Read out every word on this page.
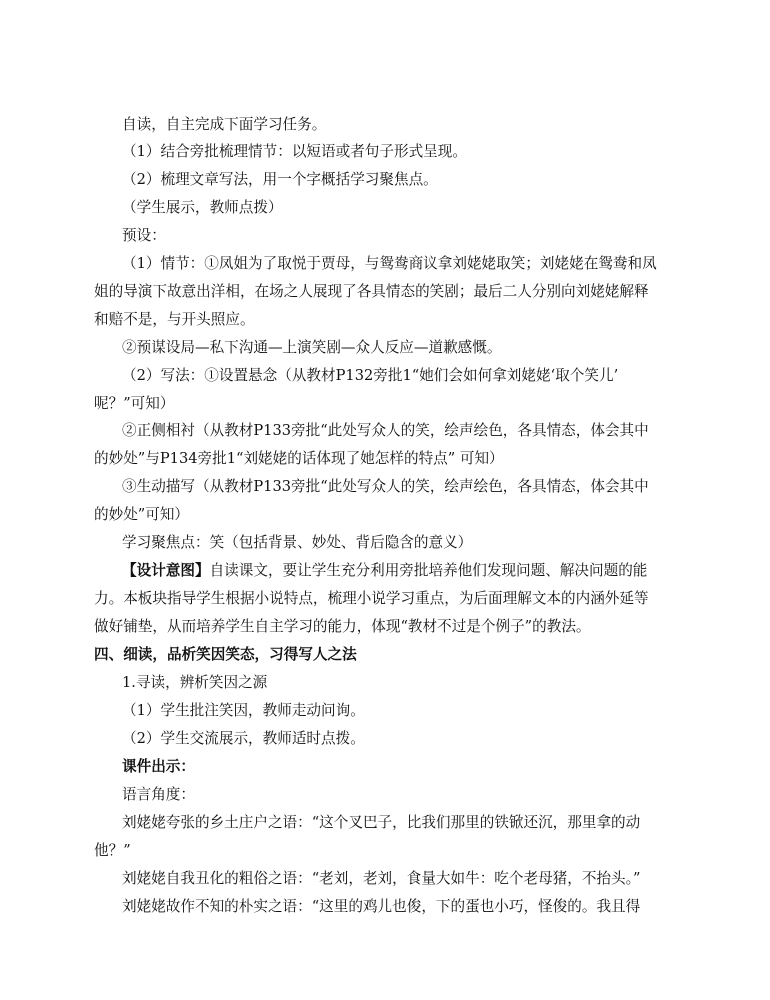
自读，自主完成下面学习任务。
（1）结合旁批梳理情节：以短语或者句子形式呈现。
（2）梳理文章写法，用一个字概括学习聚焦点。
（学生展示，教师点拨）
预设：
（1）情节：①凤姐为了取悦于贾母，与鸳鸯商议拿刘姥姥取笑；刘姥姥在鸳鸯和凤
姐的导演下故意出洋相，在场之人展现了各具情态的笑剧；最后二人分别向刘姥姥解释
和赔不是，与开头照应。
②预谋设局—私下沟通—上演笑剧—众人反应—道歉感慨。
（2）写法：①设置悬念（从教材P132旁批1“她们会如何拿刘姥姥‘取个笑儿’
呢？”可知）
②正侧相衬（从教材P133旁批“此处写众人的笑，绘声绘色，各具情态，体会其中
的妙处”与P134旁批1“刘姥姥的话体现了她怎样的特点” 可知）
③生动描写（从教材P133旁批“此处写众人的笑，绘声绘色，各具情态，体会其中
的妙处”可知）
学习聚焦点：笑（包括背景、妙处、背后隐含的意义）
【设计意图】自读课文，要让学生充分利用旁批培养他们发现问题、解决问题的能
力。本板块指导学生根据小说特点，梳理小说学习重点，为后面理解文本的内涵外延等
做好铺垫，从而培养学生自主学习的能力，体现“教材不过是个例子”的教法。
四、细读，品析笑因笑态，习得写人之法
1.寻读，辨析笑因之源
（1）学生批注笑因，教师走动问询。
（2）学生交流展示，教师适时点拨。
课件出示：
语言角度：
刘姥姥夸张的乡土庄户之语：“这个叉巴子，比我们那里的铁锨还沉，那里拿的动
他？”
刘姥姥自我丑化的粗俗之语：“老刘，老刘，食量大如牛：吃个老母猪，不抬头。”
刘姥姥故作不知的朴实之语：“这里的鸡儿也俊，下的蛋也小巧，怪俊的。我且得
